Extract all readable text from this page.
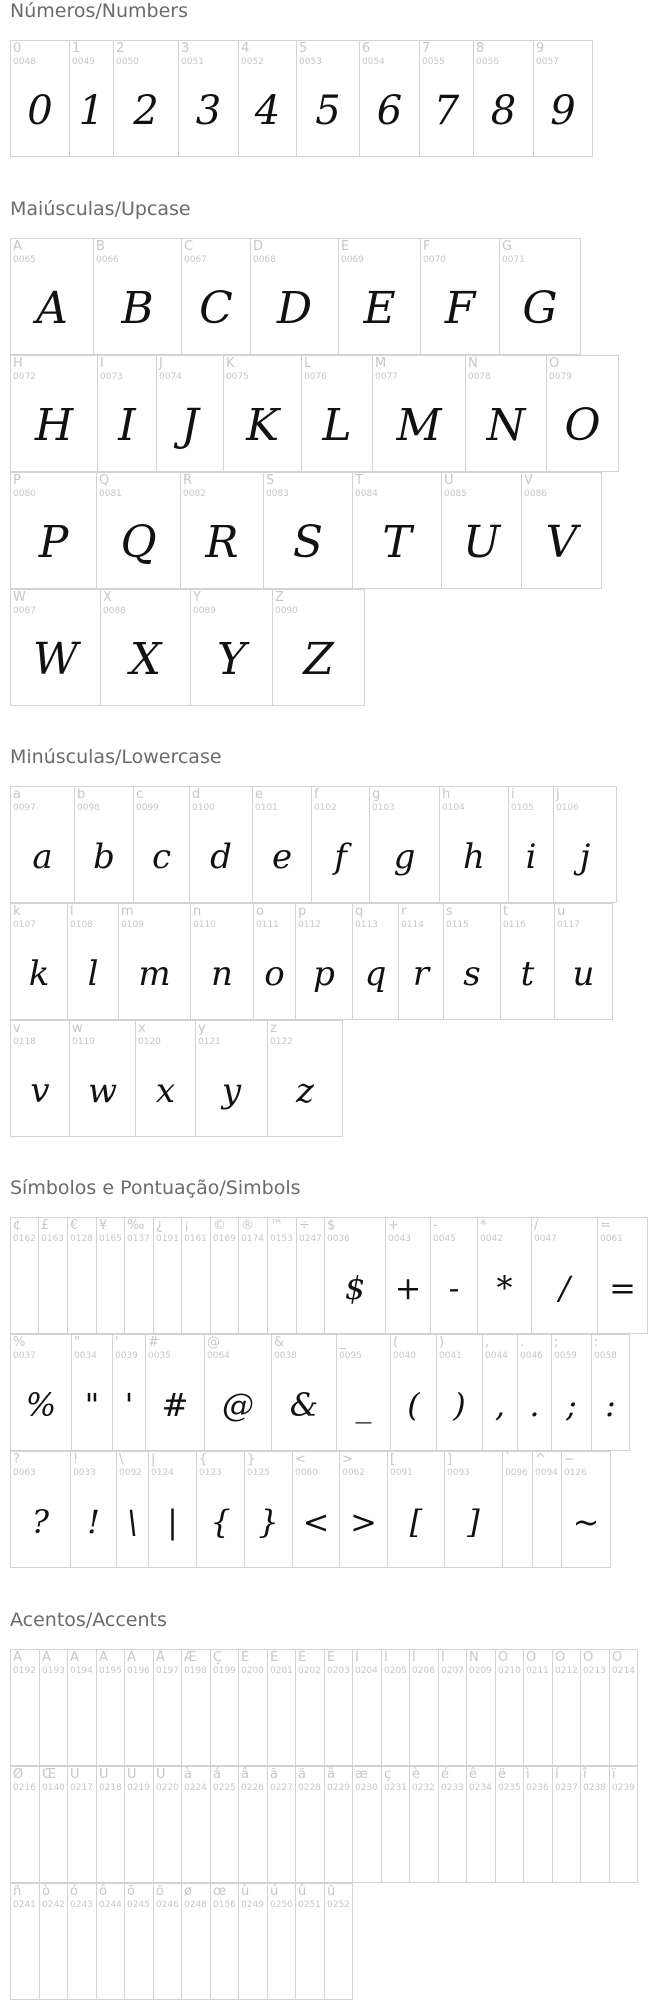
Números/Numbers
0
0048
0
1
0049
1
2
0050
2
3
0051
3
4
0052
4
5
0053
5
6
0054
6
7
0055
7
8
0056
8
9
0057
9
Maiúsculas/Upcase
A
0065
A
B
0066
B
C
0067
C
D
0068
D
E
0069
E
F
0070
F
G
0071
G
H
0072
H
I
0073
I
J
0074
J
K
0075
K
L
0076
L
M
0077
M
N
0078
N
O
0079
O
P
0080
P
Q
0081
Q
R
0082
R
S
0083
S
T
0084
T
U
0085
U
V
0086
V
W
0087
W
X
0088
X
Y
0089
Y
Z
0090
Z
Minúsculas/Lowercase
a
0097
a
b
0098
b
c
0099
c
d
0100
d
e
0101
e
f
0102
f
g
0103
g
h
0104
h
i
0105
i
j
0106
j
k
0107
k
l
0108
l
m
0109
m
n
0110
n
o
0111
o
p
0112
p
q
0113
q
r
0114
r
s
0115
s
t
0116
t
u
0117
u
v
0118
v
w
0119
w
x
0120
x
y
0121
y
z
0122
z
Símbolos e Pontuação/Simbols
¢
0162
£
0163
€
0128
¥
0165
‰
0137
¿
0191
¡
0161
©
0169
®
0174
™
0153
÷
0247
$
0036
$
+
0043
+
-
0045
-
*
0042
*
/
0047
/
=
0061
=
%
0037
%
"
0034
"
'
0039
'
#
0035
#
@
0064
@
&
0038
&
_
0095
_
(
0040
(
)
0041
)
,
0044
,
.
0046
.
;
0059
;
:
0058
:
?
0063
?
!
0033
!
\
0092
\
|
0124
|
{
0123
{
}
0125
}
<
0060
<
>
0062
>
[
0091
[
]
0093
]
`
0096
^
0094
~
0126
~
Acentos/Accents
À
0192
Á
0193
Â
0194
Ã
0195
Ä
0196
Å
0197
Æ
0198
Ç
0199
È
0200
É
0201
Ê
0202
Ë
0203
Ì
0204
Í
0205
Î
0206
Ï
0207
Ñ
0209
Ò
0210
Ó
0211
Ô
0212
Õ
0213
Ö
0214
Ø
0216
Œ
0140
Ù
0217
Ú
0218
Û
0219
Ü
0220
à
0224
á
0225
â
0226
ã
0227
ä
0228
å
0229
æ
0230
ç
0231
è
0232
é
0233
ê
0234
ë
0235
ì
0236
í
0237
î
0238
ï
0239
ñ
0241
ò
0242
ó
0243
ô
0244
õ
0245
ö
0246
ø
0248
œ
0156
ù
0249
ú
0250
û
0251
ü
0252
